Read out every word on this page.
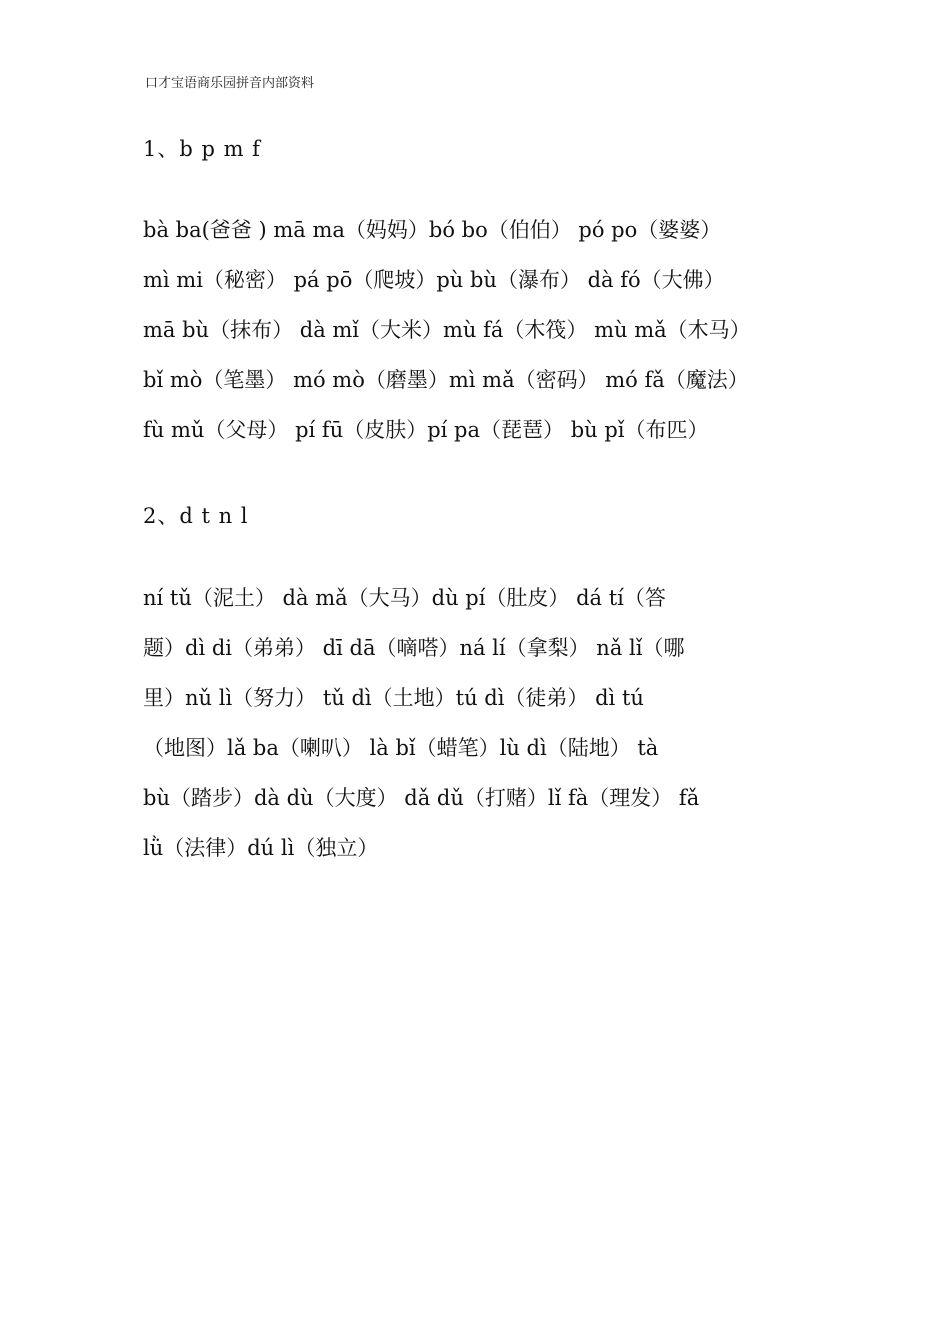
口才宝语商乐园拼音内部资料
1、b p m f
bà ba(爸爸 ) mā ma（妈妈）bó bo（伯伯） pó po（婆婆）
mì mi（秘密） pá pō（爬坡）pù bù（瀑布） dà fó（大佛）
mā bù（抹布） dà mǐ（大米）mù fá（木筏） mù mǎ（木马）
bǐ mò（笔墨） mó mò（磨墨）mì mǎ（密码） mó fǎ（魔法）
fù mǔ（父母） pí fū（皮肤）pí pa（琵琶） bù pǐ（布匹）
2、d t n l
ní tǔ（泥土） dà mǎ（大马）dù pí（肚皮） dá tí（答
题）dì di（弟弟） dī dā（嘀嗒）ná lí（拿梨） nǎ lǐ（哪
里）nǔ lì（努力） tǔ dì（土地）tú dì（徒弟） dì tú
（地图）lǎ ba（喇叭） là bǐ（蜡笔）lù dì（陆地） tà
bù（踏步）dà dù（大度） dǎ dǔ（打赌）lǐ fà（理发） fǎ
lǜ（法律）dú lì（独立）
